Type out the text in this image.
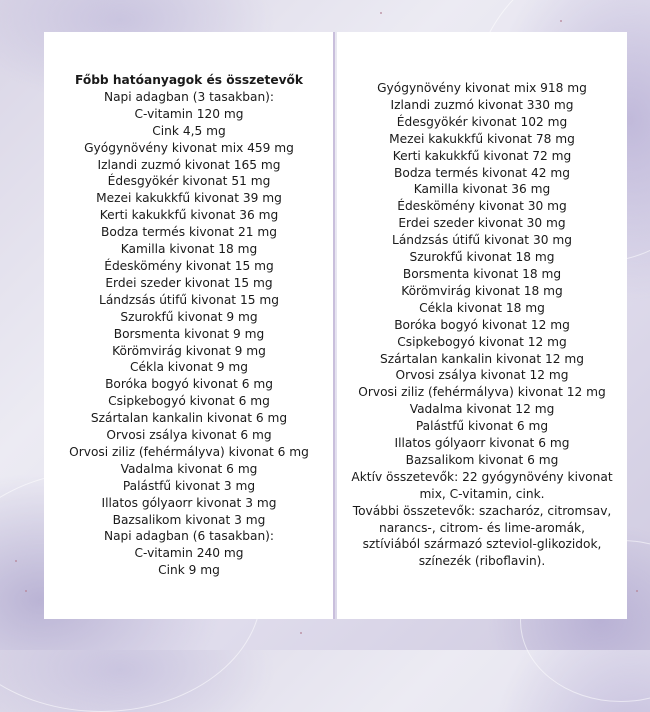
Főbb hatóanyagok és összetevők
Napi adagban (3 tasakban):
C-vitamin 120 mg
Cink 4,5 mg
Gyógynövény kivonat mix 459 mg
Izlandi zuzmó kivonat 165 mg
Édesgyökér kivonat 51 mg
Mezei kakukkfű kivonat 39 mg
Kerti kakukkfű kivonat 36 mg
Bodza termés kivonat 21 mg
Kamilla kivonat 18 mg
Édeskömény kivonat 15 mg
Erdei szeder kivonat 15 mg
Lándzsás útifű kivonat 15 mg
Szurokfű kivonat 9 mg
Borsmenta kivonat 9 mg
Körömvirág kivonat 9 mg
Cékla kivonat 9 mg
Boróka bogyó kivonat 6 mg
Csipkebogyó kivonat 6 mg
Szártalan kankalin kivonat 6 mg
Orvosi zsálya kivonat 6 mg
Orvosi ziliz (fehérmályva) kivonat 6 mg
Vadalma kivonat 6 mg
Palástfű kivonat 3 mg
Illatos gólyaorr kivonat 3 mg
Bazsalikom kivonat 3 mg
Napi adagban (6 tasakban):
C-vitamin 240 mg
Cink 9 mg
Gyógynövény kivonat mix 918 mg
Izlandi zuzmó kivonat 330 mg
Édesgyökér kivonat 102 mg
Mezei kakukkfű kivonat 78 mg
Kerti kakukkfű kivonat 72 mg
Bodza termés kivonat 42 mg
Kamilla kivonat 36 mg
Édeskömény kivonat 30 mg
Erdei szeder kivonat 30 mg
Lándzsás útifű kivonat 30 mg
Szurokfű kivonat 18 mg
Borsmenta kivonat 18 mg
Körömvirág kivonat 18 mg
Cékla kivonat 18 mg
Boróka bogyó kivonat 12 mg
Csipkebogyó kivonat 12 mg
Szártalan kankalin kivonat 12 mg
Orvosi zsálya kivonat 12 mg
Orvosi ziliz (fehérmályva) kivonat 12 mg
Vadalma kivonat 12 mg
Palástfű kivonat 6 mg
Illatos gólyaorr kivonat 6 mg
Bazsalikom kivonat 6 mg
Aktív összetevők: 22 gyógynövény kivonat mix, C-vitamin, cink.
További összetevők: szacharóz, citromsav, narancs-, citrom- és lime-aromák, sztíviából származó szteviol-glikozidok, színezék (riboflavin).
